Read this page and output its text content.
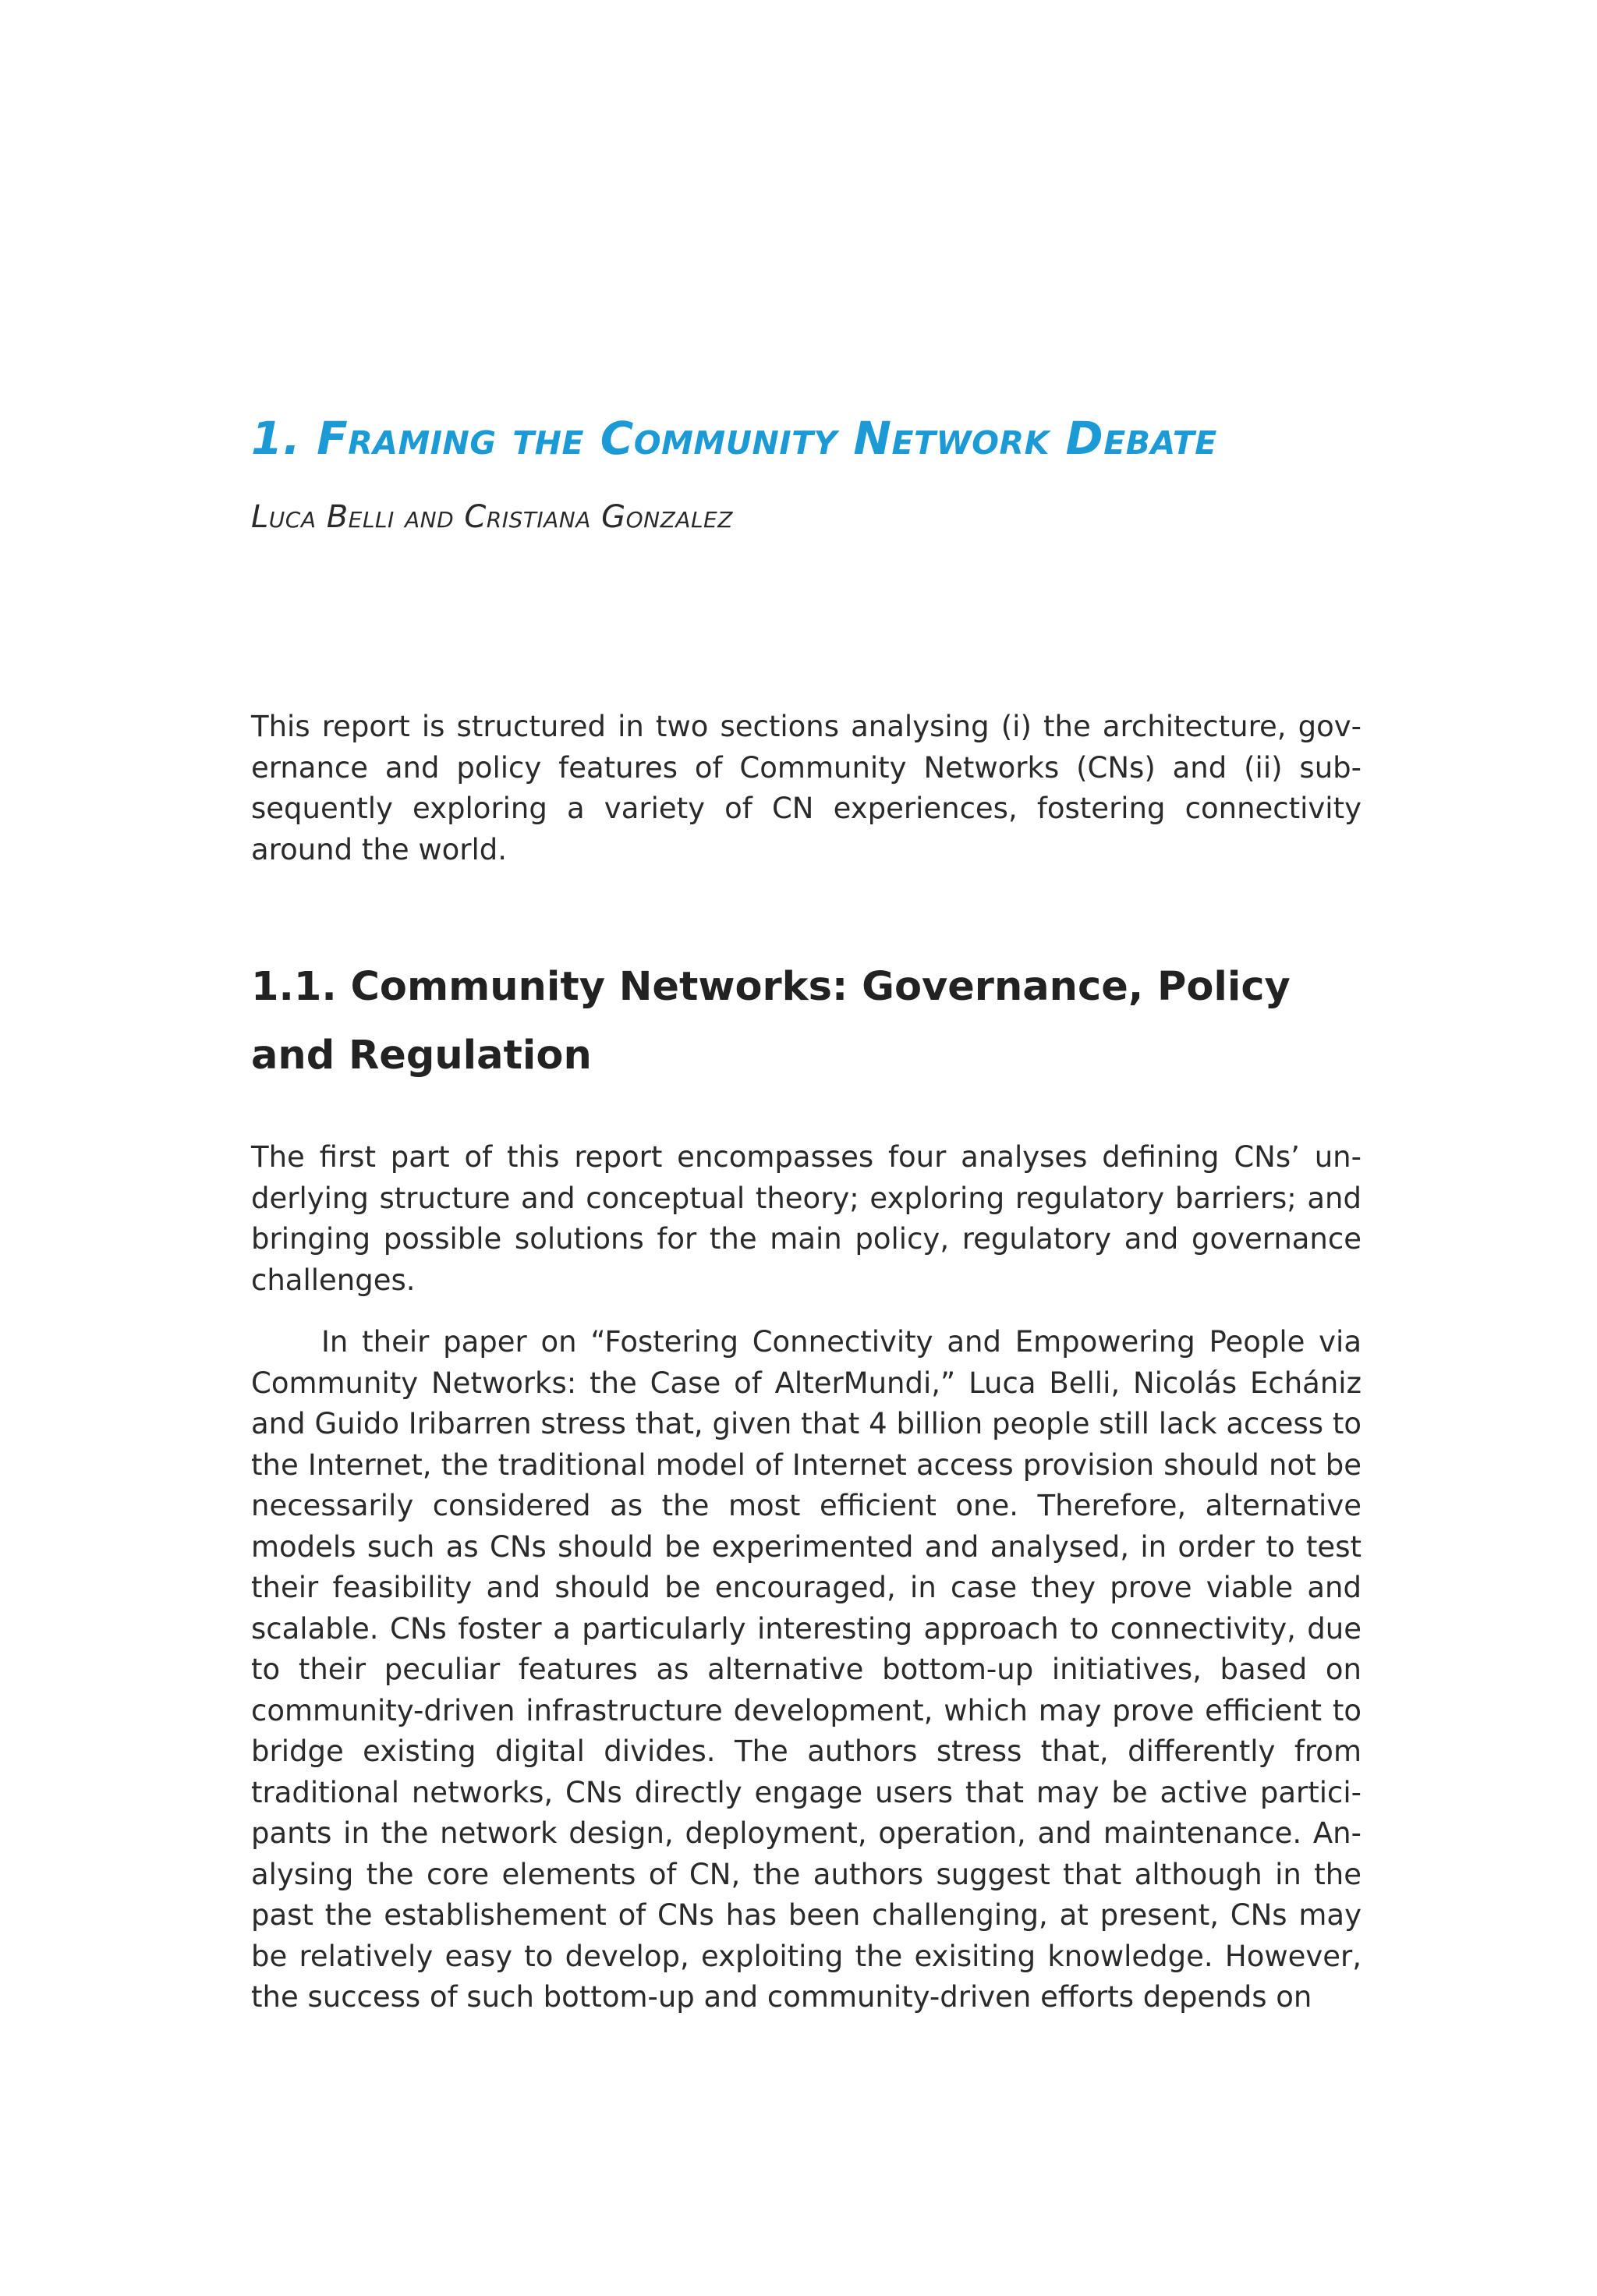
1. Framing the Community Network Debate
Luca Belli and Cristiana Gonzalez

This report is structured in two sections analysing (i) the architecture, governance and policy features of Community Networks (CNs) and (ii) subsequently exploring a variety of CN experiences, fostering connectivity around the world.

1.1. Community Networks: Governance, Policy and Regulation

The first part of this report encompasses four analyses defining CNs’ underlying structure and conceptual theory; exploring regulatory barriers; and bringing possible solutions for the main policy, regulatory and governance challenges.

In their paper on “Fostering Connectivity and Empowering People via Community Networks: the Case of AlterMundi,” Luca Belli, Nicolás Echániz and Guido Iribarren stress that, given that 4 billion people still lack access to the Internet, the traditional model of Internet access provision should not be necessarily considered as the most efficient one. Therefore, alternative models such as CNs should be experimented and analysed, in order to test their feasibility and should be encouraged, in case they prove viable and scalable. CNs foster a particularly interesting approach to connectivity, due to their peculiar features as alternative bottom-up initiatives, based on community-driven infrastructure development, which may prove efficient to bridge existing digital divides. The authors stress that, differently from traditional networks, CNs directly engage users that may be active participants in the network design, deployment, operation, and maintenance. Analysing the core elements of CN, the authors suggest that although in the past the establishement of CNs has been challenging, at present, CNs may be relatively easy to develop, exploiting the exisiting knowledge. However, the success of such bottom-up and community-driven efforts depends on
